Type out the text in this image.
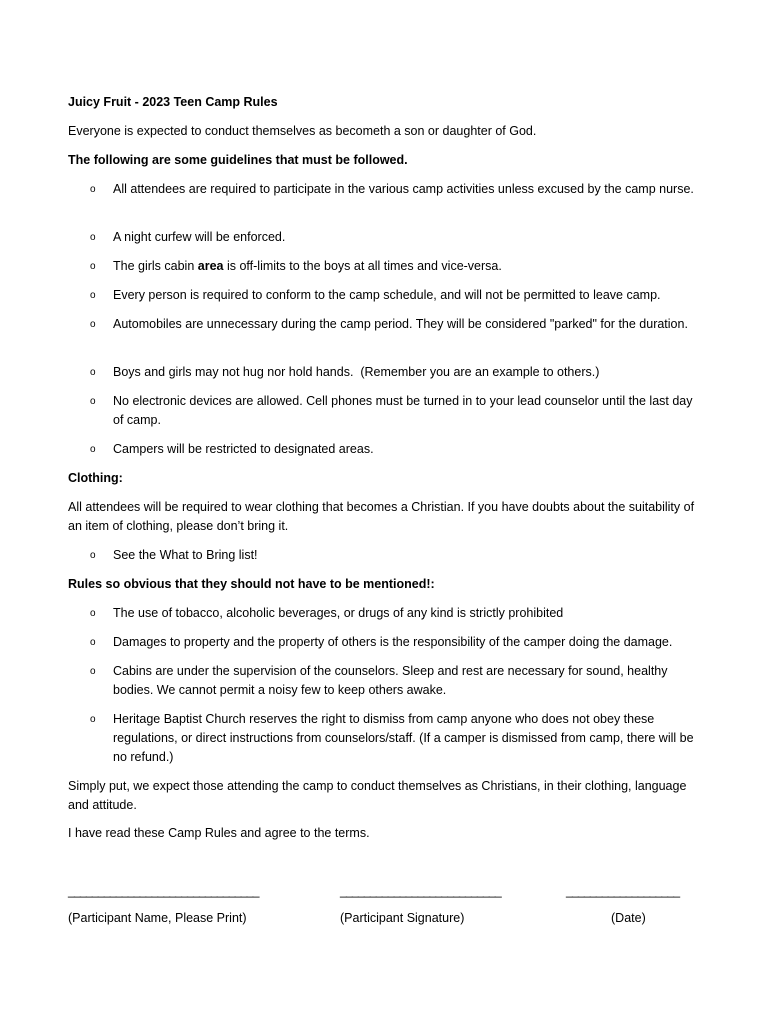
Juicy Fruit - 2023 Teen Camp Rules
Everyone is expected to conduct themselves as becometh a son or daughter of God.
The following are some guidelines that must be followed.
o	All attendees are required to participate in the various camp activities unless excused by the camp nurse.
o	A night curfew will be enforced.
o	The girls cabin area is off-limits to the boys at all times and vice-versa.
o	Every person is required to conform to the camp schedule, and will not be permitted to leave camp.
o	Automobiles are unnecessary during the camp period. They will be considered "parked" for the duration.
o	Boys and girls may not hug nor hold hands.  (Remember you are an example to others.)
o	No electronic devices are allowed. Cell phones must be turned in to your lead counselor until the last day of camp.
o	Campers will be restricted to designated areas.
Clothing:
All attendees will be required to wear clothing that becomes a Christian. If you have doubts about the suitability of an item of clothing, please don’t bring it.
o	See the What to Bring list!
Rules so obvious that they should not have to be mentioned!:
o	The use of tobacco, alcoholic beverages, or drugs of any kind is strictly prohibited
o	Damages to property and the property of others is the responsibility of the camper doing the damage.
o	Cabins are under the supervision of the counselors. Sleep and rest are necessary for sound, healthy bodies. We cannot permit a noisy few to keep others awake.
o	Heritage Baptist Church reserves the right to dismiss from camp anyone who does not obey these regulations, or direct instructions from counselors/staff. (If a camper is dismissed from camp, there will be no refund.)
Simply put, we expect those attending the camp to conduct themselves as Christians, in their clothing, language and attitude.
I have read these Camp Rules and agree to the terms.
________________________________	___________________________	___________________
(Participant Name, Please Print)	(Participant Signature)	(Date)
